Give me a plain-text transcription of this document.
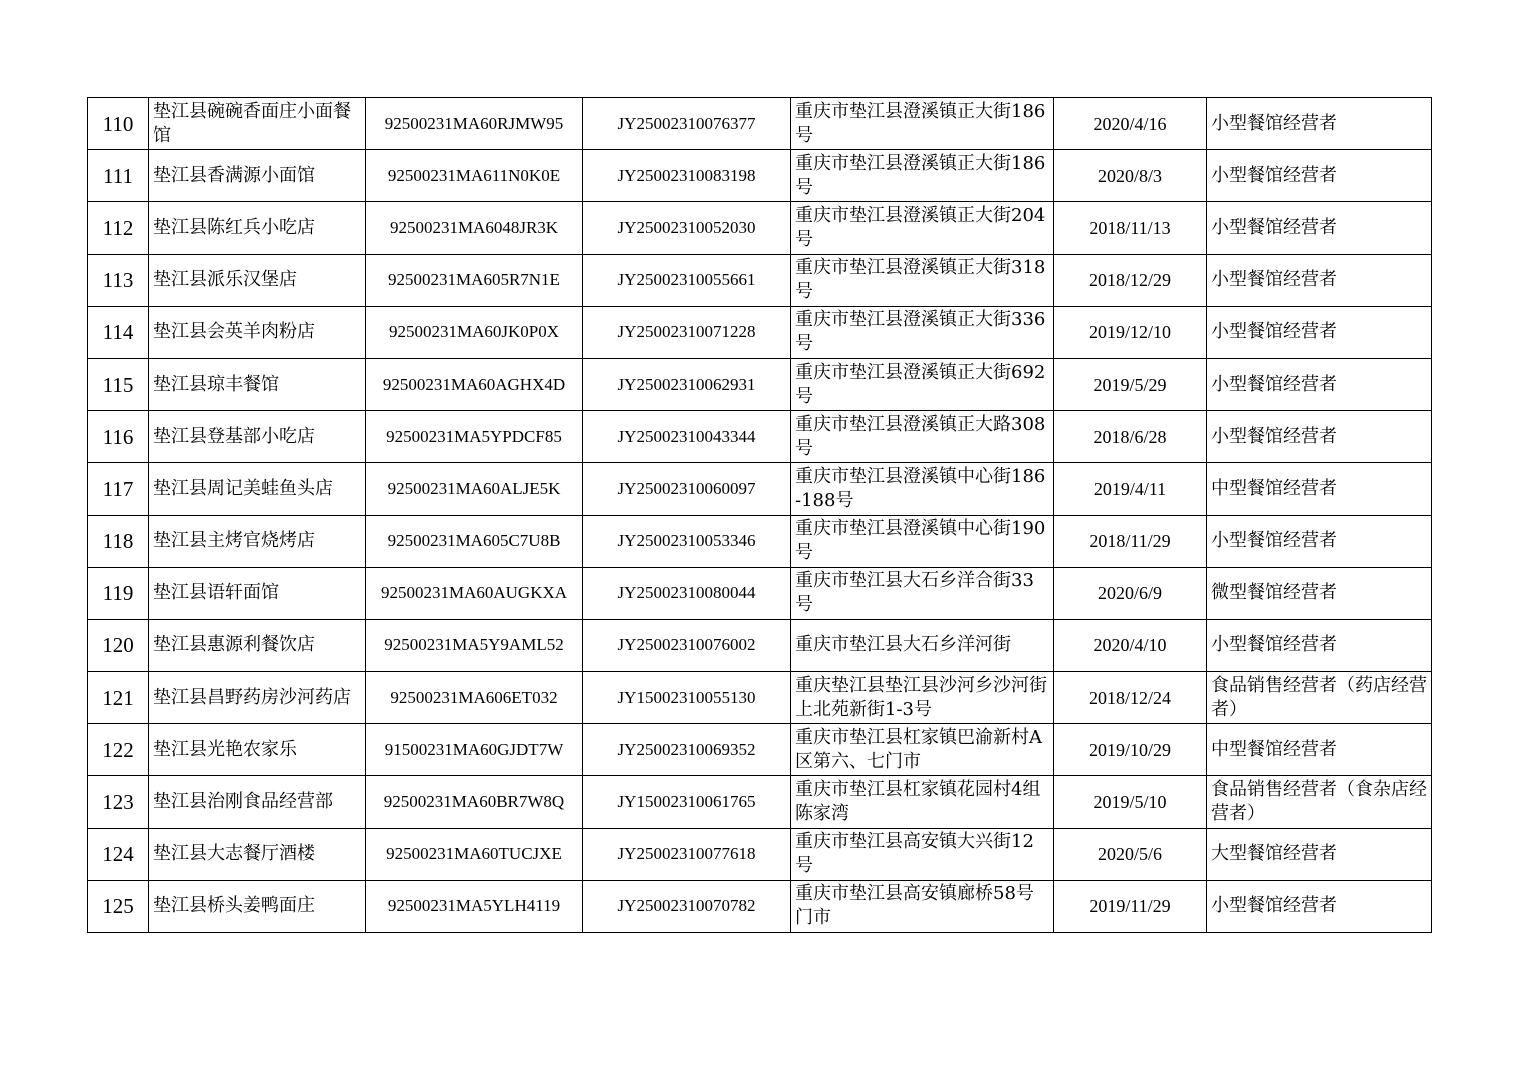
110	垫江县碗碗香面庄小面餐馆	92500231MA60RJMW95	JY25002310076377	重庆市垫江县澄溪镇正大街186号	2020/4/16	小型餐馆经营者
111	垫江县香满源小面馆	92500231MA611N0K0E	JY25002310083198	重庆市垫江县澄溪镇正大街186号	2020/8/3	小型餐馆经营者
112	垫江县陈红兵小吃店	92500231MA6048JR3K	JY25002310052030	重庆市垫江县澄溪镇正大街204号	2018/11/13	小型餐馆经营者
113	垫江县派乐汉堡店	92500231MA605R7N1E	JY25002310055661	重庆市垫江县澄溪镇正大街318号	2018/12/29	小型餐馆经营者
114	垫江县会英羊肉粉店	92500231MA60JK0P0X	JY25002310071228	重庆市垫江县澄溪镇正大街336号	2019/12/10	小型餐馆经营者
115	垫江县琼丰餐馆	92500231MA60AGHX4D	JY25002310062931	重庆市垫江县澄溪镇正大街692号	2019/5/29	小型餐馆经营者
116	垫江县登基部小吃店	92500231MA5YPDCF85	JY25002310043344	重庆市垫江县澄溪镇正大路308号	2018/6/28	小型餐馆经营者
117	垫江县周记美蛙鱼头店	92500231MA60ALJE5K	JY25002310060097	重庆市垫江县澄溪镇中心街186-188号	2019/4/11	中型餐馆经营者
118	垫江县主烤官烧烤店	92500231MA605C7U8B	JY25002310053346	重庆市垫江县澄溪镇中心街190号	2018/11/29	小型餐馆经营者
119	垫江县语轩面馆	92500231MA60AUGKXA	JY25002310080044	重庆市垫江县大石乡洋合街33号	2020/6/9	微型餐馆经营者
120	垫江县惠源利餐饮店	92500231MA5Y9AML52	JY25002310076002	重庆市垫江县大石乡洋河街	2020/4/10	小型餐馆经营者
121	垫江县昌野药房沙河药店	92500231MA606ET032	JY15002310055130	重庆垫江县垫江县沙河乡沙河街上北苑新街1-3号	2018/12/24	食品销售经营者（药店经营者）
122	垫江县光艳农家乐	91500231MA60GJDT7W	JY25002310069352	重庆市垫江县杠家镇巴渝新村A区第六、七门市	2019/10/29	中型餐馆经营者
123	垫江县治刚食品经营部	92500231MA60BR7W8Q	JY15002310061765	重庆市垫江县杠家镇花园村4组陈家湾	2019/5/10	食品销售经营者（食杂店经营者）
124	垫江县大志餐厅酒楼	92500231MA60TUCJXE	JY25002310077618	重庆市垫江县高安镇大兴街12号	2020/5/6	大型餐馆经营者
125	垫江县桥头姜鸭面庄	92500231MA5YLH4119	JY25002310070782	重庆市垫江县高安镇廊桥58号门市	2019/11/29	小型餐馆经营者
